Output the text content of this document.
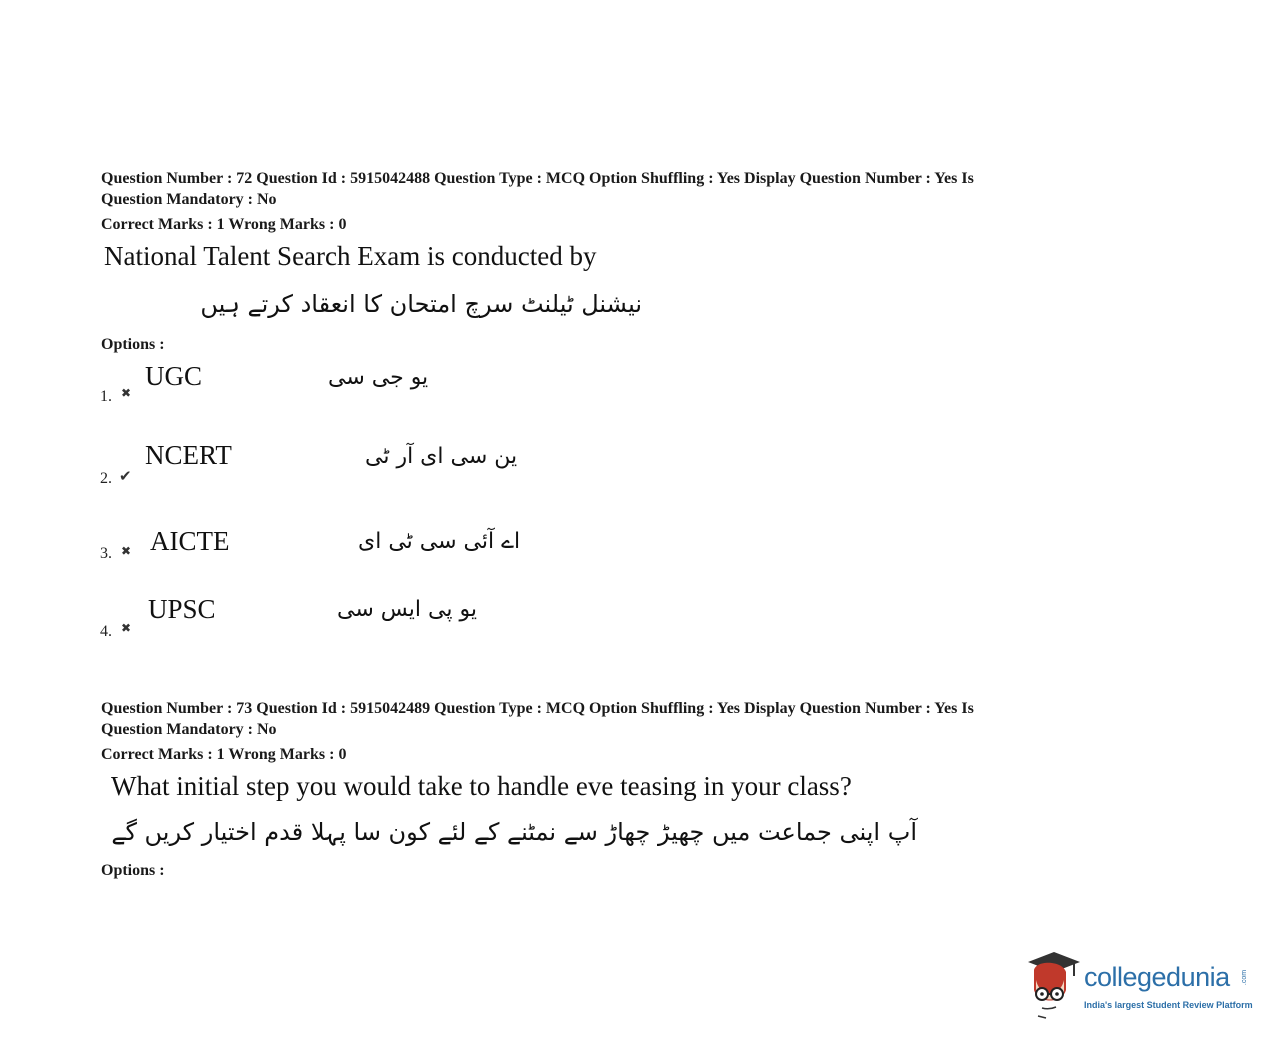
Question Number : 72 Question Id : 5915042488 Question Type : MCQ Option Shuffling : Yes Display Question Number : Yes Is
Question Mandatory : No
Correct Marks : 1 Wrong Marks : 0
National Talent Search Exam is conducted by
نیشنل ٹیلنٹ سرچ امتحان کا انعقاد کرتے ہیں
Options :
1. ✖
UGC	یو جی سی
2. ✔
NCERT	ین سی ای آر ٹی
3. ✖ AICTE	اے آئی سی ٹی ای
4. ✖
UPSC	یو پی ایس سی
Question Number : 73 Question Id : 5915042489 Question Type : MCQ Option Shuffling : Yes Display Question Number : Yes Is
Question Mandatory : No
Correct Marks : 1 Wrong Marks : 0
What initial step you would take to handle eve teasing in your class?
آپ اپنی جماعت میں چھیڑ چھاڑ سے نمٹنے کے لئے کون سا پہلا قدم اختیار کریں گے
Options :
collegedunia .com
India's largest Student Review Platform
